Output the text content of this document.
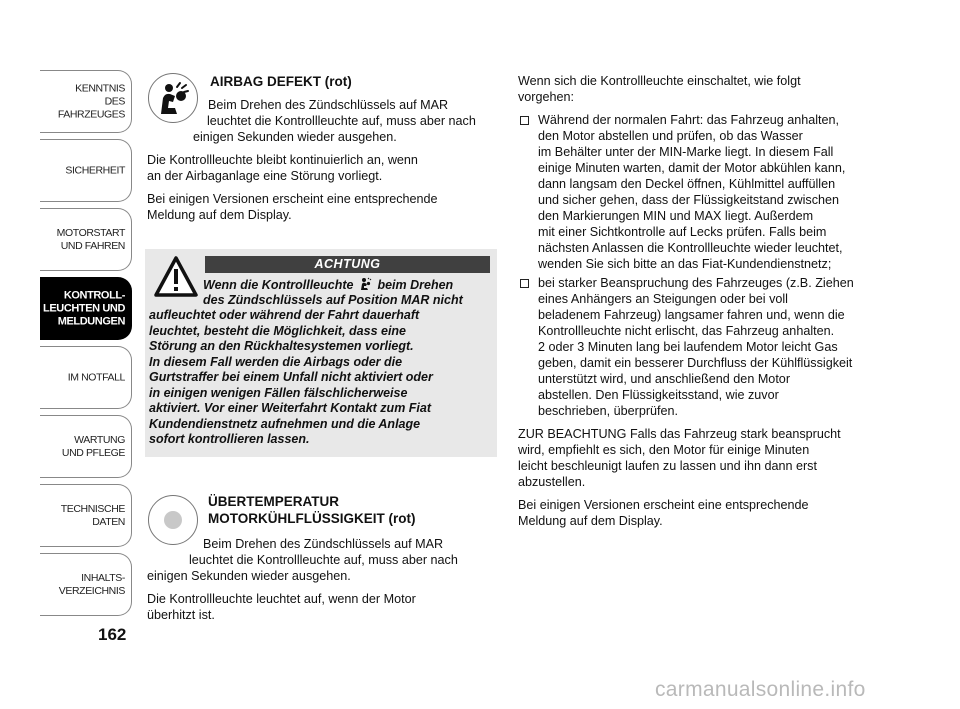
KENNTNIS
DES FAHRZEUGES
SICHERHEIT
MOTORSTART
UND FAHREN
KONTROLL-
LEUCHTEN UND
MELDUNGEN
IM NOTFALL
WARTUNG
UND PFLEGE
TECHNISCHE
DATEN
INHALTS-
VERZEICHNIS
162
AIRBAG DEFEKT (rot)
Beim Drehen des Zündschlüssels auf MAR
leuchtet die Kontrollleuchte auf, muss aber nach
einigen Sekunden wieder ausgehen.
Die Kontrollleuchte bleibt kontinuierlich an, wenn
an der Airbaganlage eine Störung vorliegt.
Bei einigen Versionen erscheint eine entsprechende
Meldung auf dem Display.
ACHTUNG
Wenn die Kontrollleuchte beim Drehen
des Zündschlüssels auf Position MAR nicht
aufleuchtet oder während der Fahrt dauerhaft
leuchtet, besteht die Möglichkeit, dass eine
Störung an den Rückhaltesystemen vorliegt.
In diesem Fall werden die Airbags oder die
Gurtstraffer bei einem Unfall nicht aktiviert oder
in einigen wenigen Fällen fälschlicherweise
aktiviert. Vor einer Weiterfahrt Kontakt zum Fiat
Kundendienstnetz aufnehmen und die Anlage
sofort kontrollieren lassen.
ÜBERTEMPERATUR
MOTORKÜHLFLÜSSIGKEIT (rot)
Beim Drehen des Zündschlüssels auf MAR
leuchtet die Kontrollleuchte auf, muss aber nach
einigen Sekunden wieder ausgehen.
Die Kontrollleuchte leuchtet auf, wenn der Motor
überhitzt ist.
Wenn sich die Kontrollleuchte einschaltet, wie folgt
vorgehen:
Während der normalen Fahrt: das Fahrzeug anhalten,
den Motor abstellen und prüfen, ob das Wasser
im Behälter unter der MIN-Marke liegt. In diesem Fall
einige Minuten warten, damit der Motor abkühlen kann,
dann langsam den Deckel öffnen, Kühlmittel auffüllen
und sicher gehen, dass der Flüssigkeitstand zwischen
den Markierungen MIN und MAX liegt. Außerdem
mit einer Sichtkontrolle auf Lecks prüfen. Falls beim
nächsten Anlassen die Kontrollleuchte wieder leuchtet,
wenden Sie sich bitte an das Fiat-Kundendienstnetz;
bei starker Beanspruchung des Fahrzeuges (z.B. Ziehen
eines Anhängers an Steigungen oder bei voll
beladenem Fahrzeug) langsamer fahren und, wenn die
Kontrollleuchte nicht erlischt, das Fahrzeug anhalten.
2 oder 3 Minuten lang bei laufendem Motor leicht Gas
geben, damit ein besserer Durchfluss der Kühlflüssigkeit
unterstützt wird, und anschließend den Motor
abstellen. Den Flüssigkeitsstand, wie zuvor
beschrieben, überprüfen.
ZUR BEACHTUNG Falls das Fahrzeug stark beansprucht
wird, empfiehlt es sich, den Motor für einige Minuten
leicht beschleunigt laufen zu lassen und ihn dann erst
abzustellen.
Bei einigen Versionen erscheint eine entsprechende
Meldung auf dem Display.
carmanualsonline.info
